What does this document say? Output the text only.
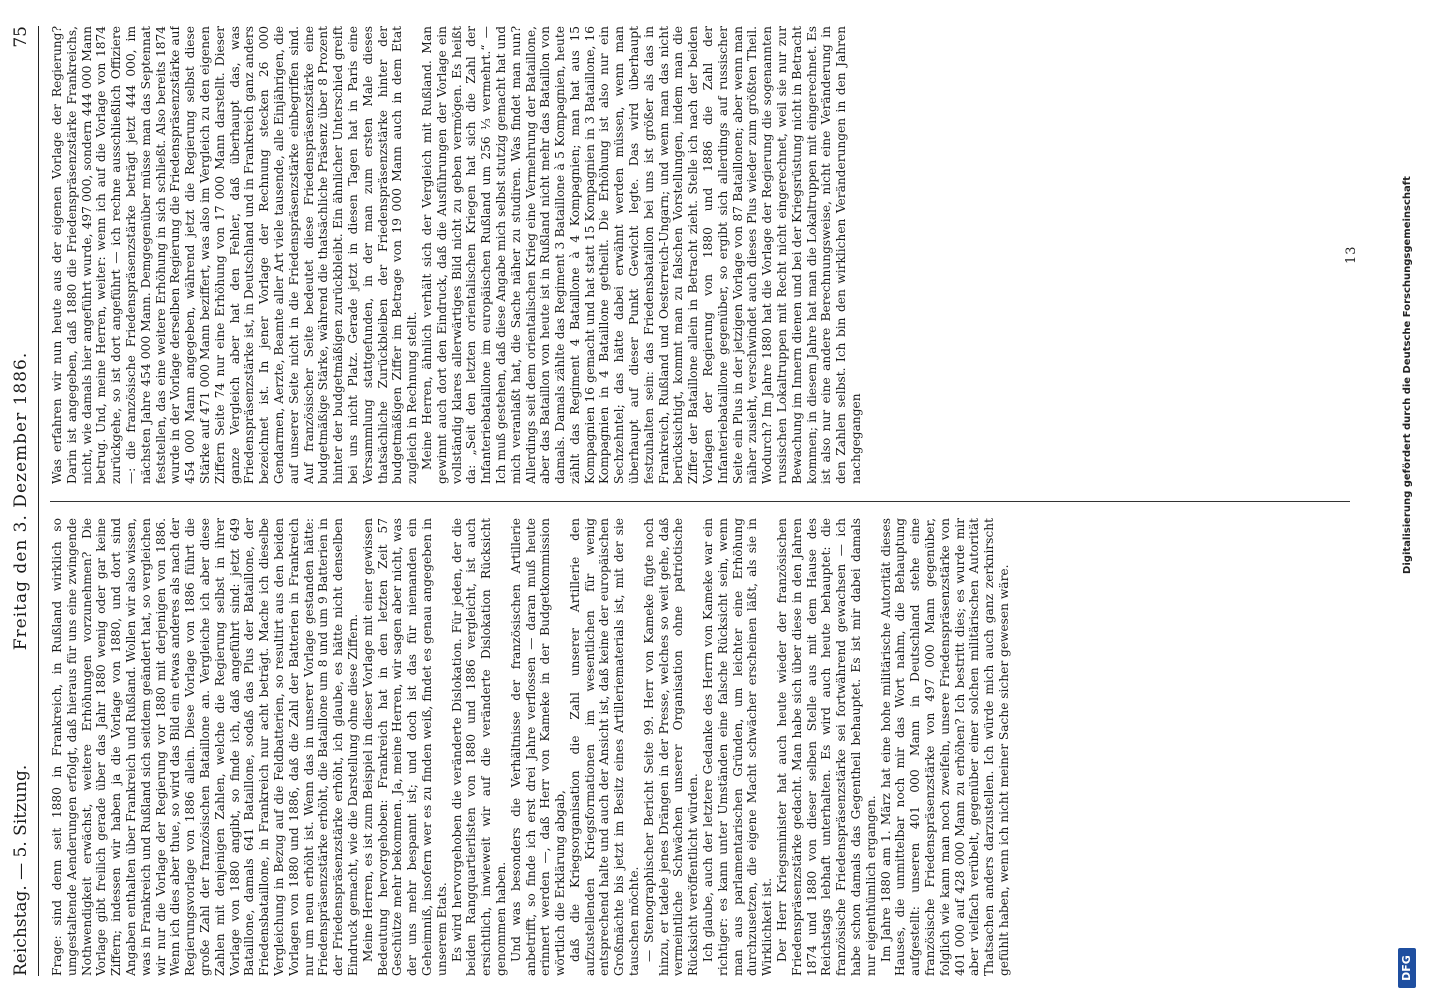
Reichstag. — 5. Sitzung.
Freitag den 3. Dezember 1886.
75

Frage: sind denn seit 1880 in Frankreich, in Rußland wirklich so umgestaltende Aenderungen erfolgt, daß hieraus für uns eine zwingende Nothwendigkeit erwächst, weitere Erhöhungen vorzunehmen? Die Vorlage gibt freilich gerade über das Jahr 1880 wenig oder gar keine Ziffern; indessen wir haben ja die Vorlage von 1880, und dort sind Angaben enthalten über Frankreich und Rußland. Wollen wir also wissen, was in Frankreich und Rußland sich seitdem geändert hat, so vergleichen wir nur die Vorlage der Regierung vor 1880 mit derjenigen von 1886. Wenn ich dies aber thue, so wird das Bild ein etwas anderes als nach der Regierungsvorlage von 1886 allein. Diese Vorlage von 1886 führt die große Zahl der französischen Bataillone an. Vergleiche ich aber diese Zahlen mit denjenigen Zahlen, welche die Regierung selbst in ihrer Vorlage von 1880 angibt, so finde ich, daß angeführt sind: jetzt 649 Bataillone, damals 641 Bataillone, sodaß das Plus der Bataillone, der Friedensbataillone, in Frankreich nur acht beträgt. Mache ich dieselbe Vergleichung in Bezug auf die Feldbatterien, so resultirt aus den beiden Vorlagen von 1880 und 1886, daß die Zahl der Batterien in Frankreich nur um neun erhöht ist. Wenn das in unserer Vorlage gestanden hätte: Friedenspräsenzstärke erhöht, die Bataillone um 8 und um 9 Batterien in der Friedenspräsenzstärke erhöht, ich glaube, es hätte nicht denselben Eindruck gemacht, wie die Darstellung ohne diese Ziffern. Meine Herren, es ist zum Beispiel in dieser Vorlage mit einer gewissen Bedeutung hervorgehoben: Frankreich hat in den letzten Zeit 57 Geschütze mehr bekommen. Ja, meine Herren, wir sagen aber nicht, was der uns mehr bespannt ist; und doch ist das für niemanden ein Geheimniß, insofern wer es zu finden weiß, findet es genau angegeben in unserem Etats. Es wird hervorgehoben die veränderte Dislokation. Für jeden, der die beiden Rangquartierlisten von 1880 und 1886 vergleicht, ist auch ersichtlich, inwieweit wir auf die veränderte Dislokation Rücksicht genommen haben. Und was besonders die Verhältnisse der französischen Artillerie anbetrifft, so finde ich erst drei Jahre verflossen — daran muß heute erinnert werden —, daß Herr von Kameke in der Budgetkommission wörtlich die Erklärung abgab, daß die Kriegsorganisation die Zahl unserer Artillerie den aufzustellenden Kriegsformationen im wesentlichen für wenig entsprechend halte und auch der Ansicht ist, daß keine der europäischen Großmächte bis jetzt im Besitz eines Artilleriematerials ist, mit der sie tauschen möchte. — Stenographischer Bericht Seite 99. Herr von Kameke fügte noch hinzu, er tadele jenes Drängen in der Presse, welches so weit gehe, daß vermeintliche Schwächen unserer Organisation ohne patriotische Rücksicht veröffentlicht würden. Ich glaube, auch der letztere Gedanke des Herrn von Kameke war ein richtiger: es kann unter Umständen eine falsche Rücksicht sein, wenn man aus parlamentarischen Gründen, um leichter eine Erhöhung durchzusetzen, die eigene Macht schwächer erscheinen läßt, als sie in Wirklichkeit ist. Der Herr Kriegsminister hat auch heute wieder der französischen Friedenspräsenzstärke gedacht. Man habe sich über diese in den Jahren 1874 und 1880 von dieser selben Stelle aus mit dem Hause des Reichstags lebhaft unterhalten. Es wird auch heute behauptet: die französische Friedenspräsenzstärke sei fortwährend gewachsen — ich habe schon damals das Gegentheil behauptet. Es ist mir dabei damals nur eigenthümlich ergangen. Im Jahre 1880 am 1. März hat eine hohe militärische Autorität dieses Hauses, die unmittelbar noch mir das Wort nahm, die Behauptung aufgestellt: unseren 401 000 Mann in Deutschland stehe eine französische Friedenspräsenzstärke von 497 000 Mann gegenüber, folglich wie kann man noch zweifeln, unsere Friedenspräsenzstärke von 401 000 auf 428 000 Mann zu erhöhen? Ich bestritt dies; es wurde mir aber vielfach verübelt, gegenüber einer solchen militärischen Autorität Thatsachen anders darzustellen. Ich würde mich auch ganz zerknirscht gefühlt haben, wenn ich nicht meiner Sache sicher gewesen wäre.

Was erfahren wir nun heute aus der eigenen Vorlage der Regierung? Darin ist angegeben, daß 1880 die Friedenspräsenzstärke Frankreichs, nicht, wie damals hier angeführt wurde, 497 000, sondern 444 000 Mann betrug. Und, meine Herren, weiter: wenn ich auf die Vorlage von 1874 zurückgehe, so ist dort angeführt — ich rechne ausschließlich Offiziere —: die französische Friedenspräsenzstärke beträgt jetzt 444 000, im nächsten Jahre 454 000 Mann. Demgegenüber müsse man das Septennat feststellen, das eine weitere Erhöhung in sich schließt. Also bereits 1874 wurde in der Vorlage derselben Regierung die Friedenspräsenzstärke auf 454 000 Mann angegeben, während jetzt die Regierung selbst diese Stärke auf 471 000 Mann beziffert, was also im Vergleich zu den eigenen Ziffern Seite 74 nur eine Erhöhung von 17 000 Mann darstellt. Dieser ganze Vergleich aber hat den Fehler, daß überhaupt das, was Friedenspräsenzstärke ist, in Deutschland und in Frankreich ganz anders bezeichnet ist. In jener Vorlage der Rechnung stecken 26 000 Gendarmen, Aerzte, Beamte aller Art viele tausende, alle Einjährigen, die auf unserer Seite nicht in die Friedenspräsenzstärke einbegriffen sind. Auf französischer Seite bedeutet diese Friedenspräsenzstärke eine budgetmäßige Stärke, während die thatsächliche Präsenz über 8 Prozent hinter der budgetmäßigen zurückbleibt. Ein ähnlicher Unterschied greift bei uns nicht Platz. Gerade jetzt in diesen Tagen hat in Paris eine Versammlung stattgefunden, in der man zum ersten Male dieses thatsächliche Zurückbleiben der Friedenspräsenzstärke hinter der budgetmäßigen Ziffer im Betrage von 19 000 Mann auch in dem Etat zugleich in Rechnung stellt. Meine Herren, ähnlich verhält sich der Vergleich mit Rußland. Man gewinnt auch dort den Eindruck, daß die Ausführungen der Vorlage ein vollständig klares allerwärtiges Bild nicht zu geben vermögen. Es heißt da: „Seit den letzten orientalischen Kriegen hat sich die Zahl der Infanteriebataillone im europäischen Rußland um 256 ⅓ vermehrt.“ — Ich muß gestehen, daß diese Angabe mich selbst stutzig gemacht hat und mich veranlaßt hat, die Sache näher zu studiren. Was findet man nun? Allerdings seit dem orientalischen Krieg eine Vermehrung der Bataillone, aber das Bataillon von heute ist in Rußland nicht mehr das Bataillon von damals. Damals zählte das Regiment 3 Bataillone à 5 Kompagnien, heute zählt das Regiment 4 Bataillone à 4 Kompagnien; man hat aus 15 Kompagnien 16 gemacht und hat statt 15 Kompagnien in 3 Bataillone, 16 Kompagnien in 4 Bataillone getheilt. Die Erhöhung ist also nur ein Sechzehntel; das hätte dabei erwähnt werden müssen, wenn man überhaupt auf dieser Punkt Gewicht legte. Das wird überhaupt festzuhalten sein: das Friedensbataillon bei uns ist größer als das in Frankreich, Rußland und Oesterreich-Ungarn; und wenn man das nicht berücksichtigt, kommt man zu falschen Vorstellungen, indem man die Ziffer der Bataillone allein in Betracht zieht. Stelle ich nach der beiden Vorlagen der Regierung von 1880 und 1886 die Zahl der Infanteriebataillone gegenüber, so ergibt sich allerdings auf russischer Seite ein Plus in der jetzigen Vorlage von 87 Bataillonen; aber wenn man näher zusieht, verschwindet auch dieses Plus wieder zum größten Theil. Wodurch? Im Jahre 1880 hat die Vorlage der Regierung die sogenannten russischen Lokaltruppen mit Recht nicht eingerechnet, weil sie nur zur Bewachung im Innern dienen und bei der Kriegsrüstung nicht in Betracht kommen; in diesem Jahre hat man die Lokaltruppen mit eingerechnet. Es ist also nur eine andere Berechnungsweise, nicht eine Veränderung in den Zahlen selbst. Ich bin den wirklichen Veränderungen in den Jahren nachgegangen

13
DFG
Digitalisierung gefördert durch die Deutsche Forschungsgemeinschaft
